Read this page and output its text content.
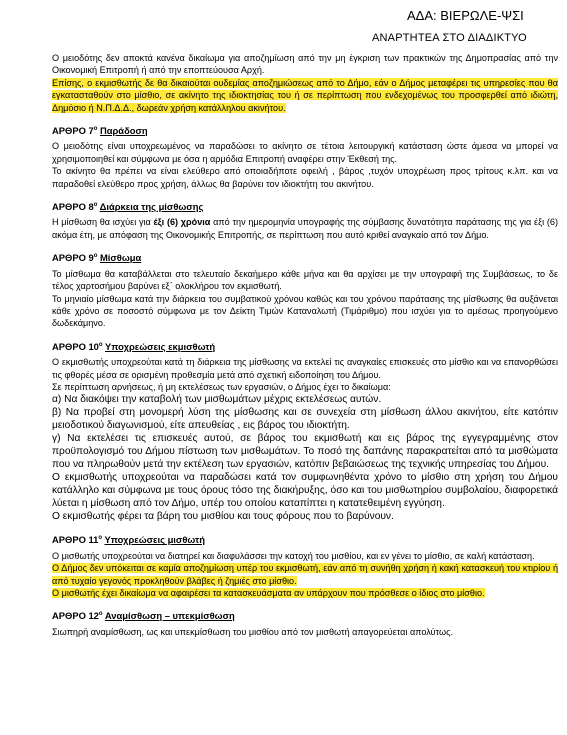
ΑΔΑ: ΒΙΕΡΩΛΕ-ΨΣΙ
ΑΝΑΡΤΗΤΕΑ ΣΤΟ ΔΙΑΔΙΚΤΥΟ

Ο μειοδότης δεν αποκτά κανένα δικαίωμα για αποζημίωση από την μη έγκριση των πρακτικών της Δημοπρασίας από την Οικονομική Επιτροπή ή από την εποπτεύουσα Αρχή.

Επίσης, ο εκμισθωτής δε θα δικαιούται ουδεμίας αποζημιώσεως από το Δήμο, εάν ο Δήμος μεταφέρει τις υπηρεσίες που θα εγκατασταθούν στο μίσθιο, σε ακίνητο της ιδιοκτησίας του ή σε περίπτωση που ενδεχομένως του προσφερθεί από ιδιώτη, Δημόσιο ή Ν.Π.Δ.Δ., δωρεάν χρήση κατάλληλου ακινήτου.

ΑΡΘΡΟ $7^o$ Παράδοση

Ο μειοδότης είναι υποχρεωμένος να παραδώσει το ακίνητο σε τέτοια λειτουργική κατάσταση ώστε άμεσα να μπορεί να χρησιμοποιηθεί και σύμφωνα με όσα η αρμόδια Επιτροπή αναφέρει στην Έκθεσή της.

Το ακίνητο θα πρέπει να είναι ελεύθερο από οποιαδήποτε οφειλή , βάρος ,τυχόν υποχρέωση προς τρίτους κ.λπ. και να παραδοθεί ελεύθερο προς χρήση, άλλως θα βαρύνει τον ιδιοκτήτη του ακινήτου.

ΑΡΘΡΟ $8^o$ Διάρκεια της μίσθωσης

Η μίσθωση θα ισχύει για έξι (6) χρόνια από την ημερομηνία υπογραφής της σύμβασης δυνατότητα παράτασης της για έξι (6) ακόμα έτη, με απόφαση της Οικονομικής Επιτροπής, σε περίπτωση που αυτό κριθεί αναγκαίο από τον Δήμο.

ΑΡΘΡΟ $9^o$ Μίσθωμα

Το μίσθωμα θα καταβάλλεται στο τελευταίο δεκαήμερο κάθε μήνα και θα αρχίσει με την υπογραφή της Συμβάσεως, το δε τέλος χαρτοσήμου βαρύνει εξ΄ ολοκλήρου τον εκμισθωτή.

Το μηνιαίο μίσθωμα κατά την διάρκεια του συμβατικού χρόνου καθώς και του χρόνου παράτασης της μίσθωσης θα αυξάνεται κάθε χρόνο σε ποσοστό σύμφωνα με τον Δείκτη Τιμών Καταναλωτή (Τιμάριθμο) που ισχύει για το αμέσως προηγούμενο δωδεκάμηνο.

ΑΡΘΡΟ $10^o$ Υποχρεώσεις εκμισθωτή

Ο εκμισθωτής υποχρεούται κατά τη διάρκεια της μίσθωσης να εκτελεί τις αναγκαίες επισκευές στο μίσθιο και να επανορθώσει τις φθορές μέσα σε ορισμένη προθεσμία μετά από σχετική ειδοποίηση του Δήμου.

Σε περίπτωση αρνήσεως, ή μη εκτελέσεως των εργασιών, ο Δήμος έχει το δικαίωμα:

α) Να διακόψει την καταβολή των μισθωμάτων μέχρις εκτελέσεως αυτών.

β) Να προβεί στη μονομερή λύση της μίσθωσης και σε συνεχεία στη μίσθωση άλλου ακινήτου, είτε κατόπιν μειοδοτικού διαγωνισμού, είτε απευθείας , εις βάρος του ιδιοκτήτη.

γ) Να εκτελέσει τις επισκευές αυτού, σε βάρος του εκμισθωτή και εις βάρος της εγγεγραμμένης στον προϋπολογισμό του Δήμου πίστωση των μισθωμάτων. Το ποσό της δαπάνης παρακρατείται από τα μισθώματα που να πληρωθούν μετά την εκτέλεση των εργασιών, κατόπιν βεβαιώσεως της τεχνικής υπηρεσίας του Δήμου.

Ο εκμισθωτής υποχρεούται να παραδώσει κατά τον συμφωνηθέντα χρόνο το μίσθιο στη χρήση του Δήμου κατάλληλο και σύμφωνα με τους όρους τόσο της διακήρυξης, όσο και του μισθωτηρίου συμβολαίου, διαφορετικά λύεται η μίσθωση από τον Δήμο, υπέρ του οποίου καταπίπτει η κατατεθειμένη εγγύηση.

Ο εκμισθωτής φέρει τα βάρη του μισθίου και τους φόρους που το βαρύνουν.

ΑΡΘΡΟ $11^o$ Υποχρεώσεις μισθωτή

Ο μισθωτής υποχρεούται να διατηρεί και διαφυλάσσει την κατοχή του μισθίου, και εν γένει το μίσθιο, σε καλή κατάσταση.

Ο Δήμος δεν υπόκειται σε καμία αποζημίωση υπέρ του εκμισθωτή, εάν από τη συνήθη χρήση ή κακή κατασκευή του κτιρίου ή από τυχαίο γεγονός προκληθούν βλάβες ή ζημιές στο μίσθιο.

Ο μισθωτής έχει δικαίωμα να αφαιρέσει τα κατασκευάσματα αν υπάρχουν που πρόσθεσε ο ίδιος στο μίσθιο.

ΑΡΘΡΟ $12^o$ Αναμίσθωση – υπεκμίσθωση

Σιωπηρή αναμίσθωση, ως και υπεκμίσθωση του μισθίου από τον μισθωτή απαγορεύεται απολύτως.
